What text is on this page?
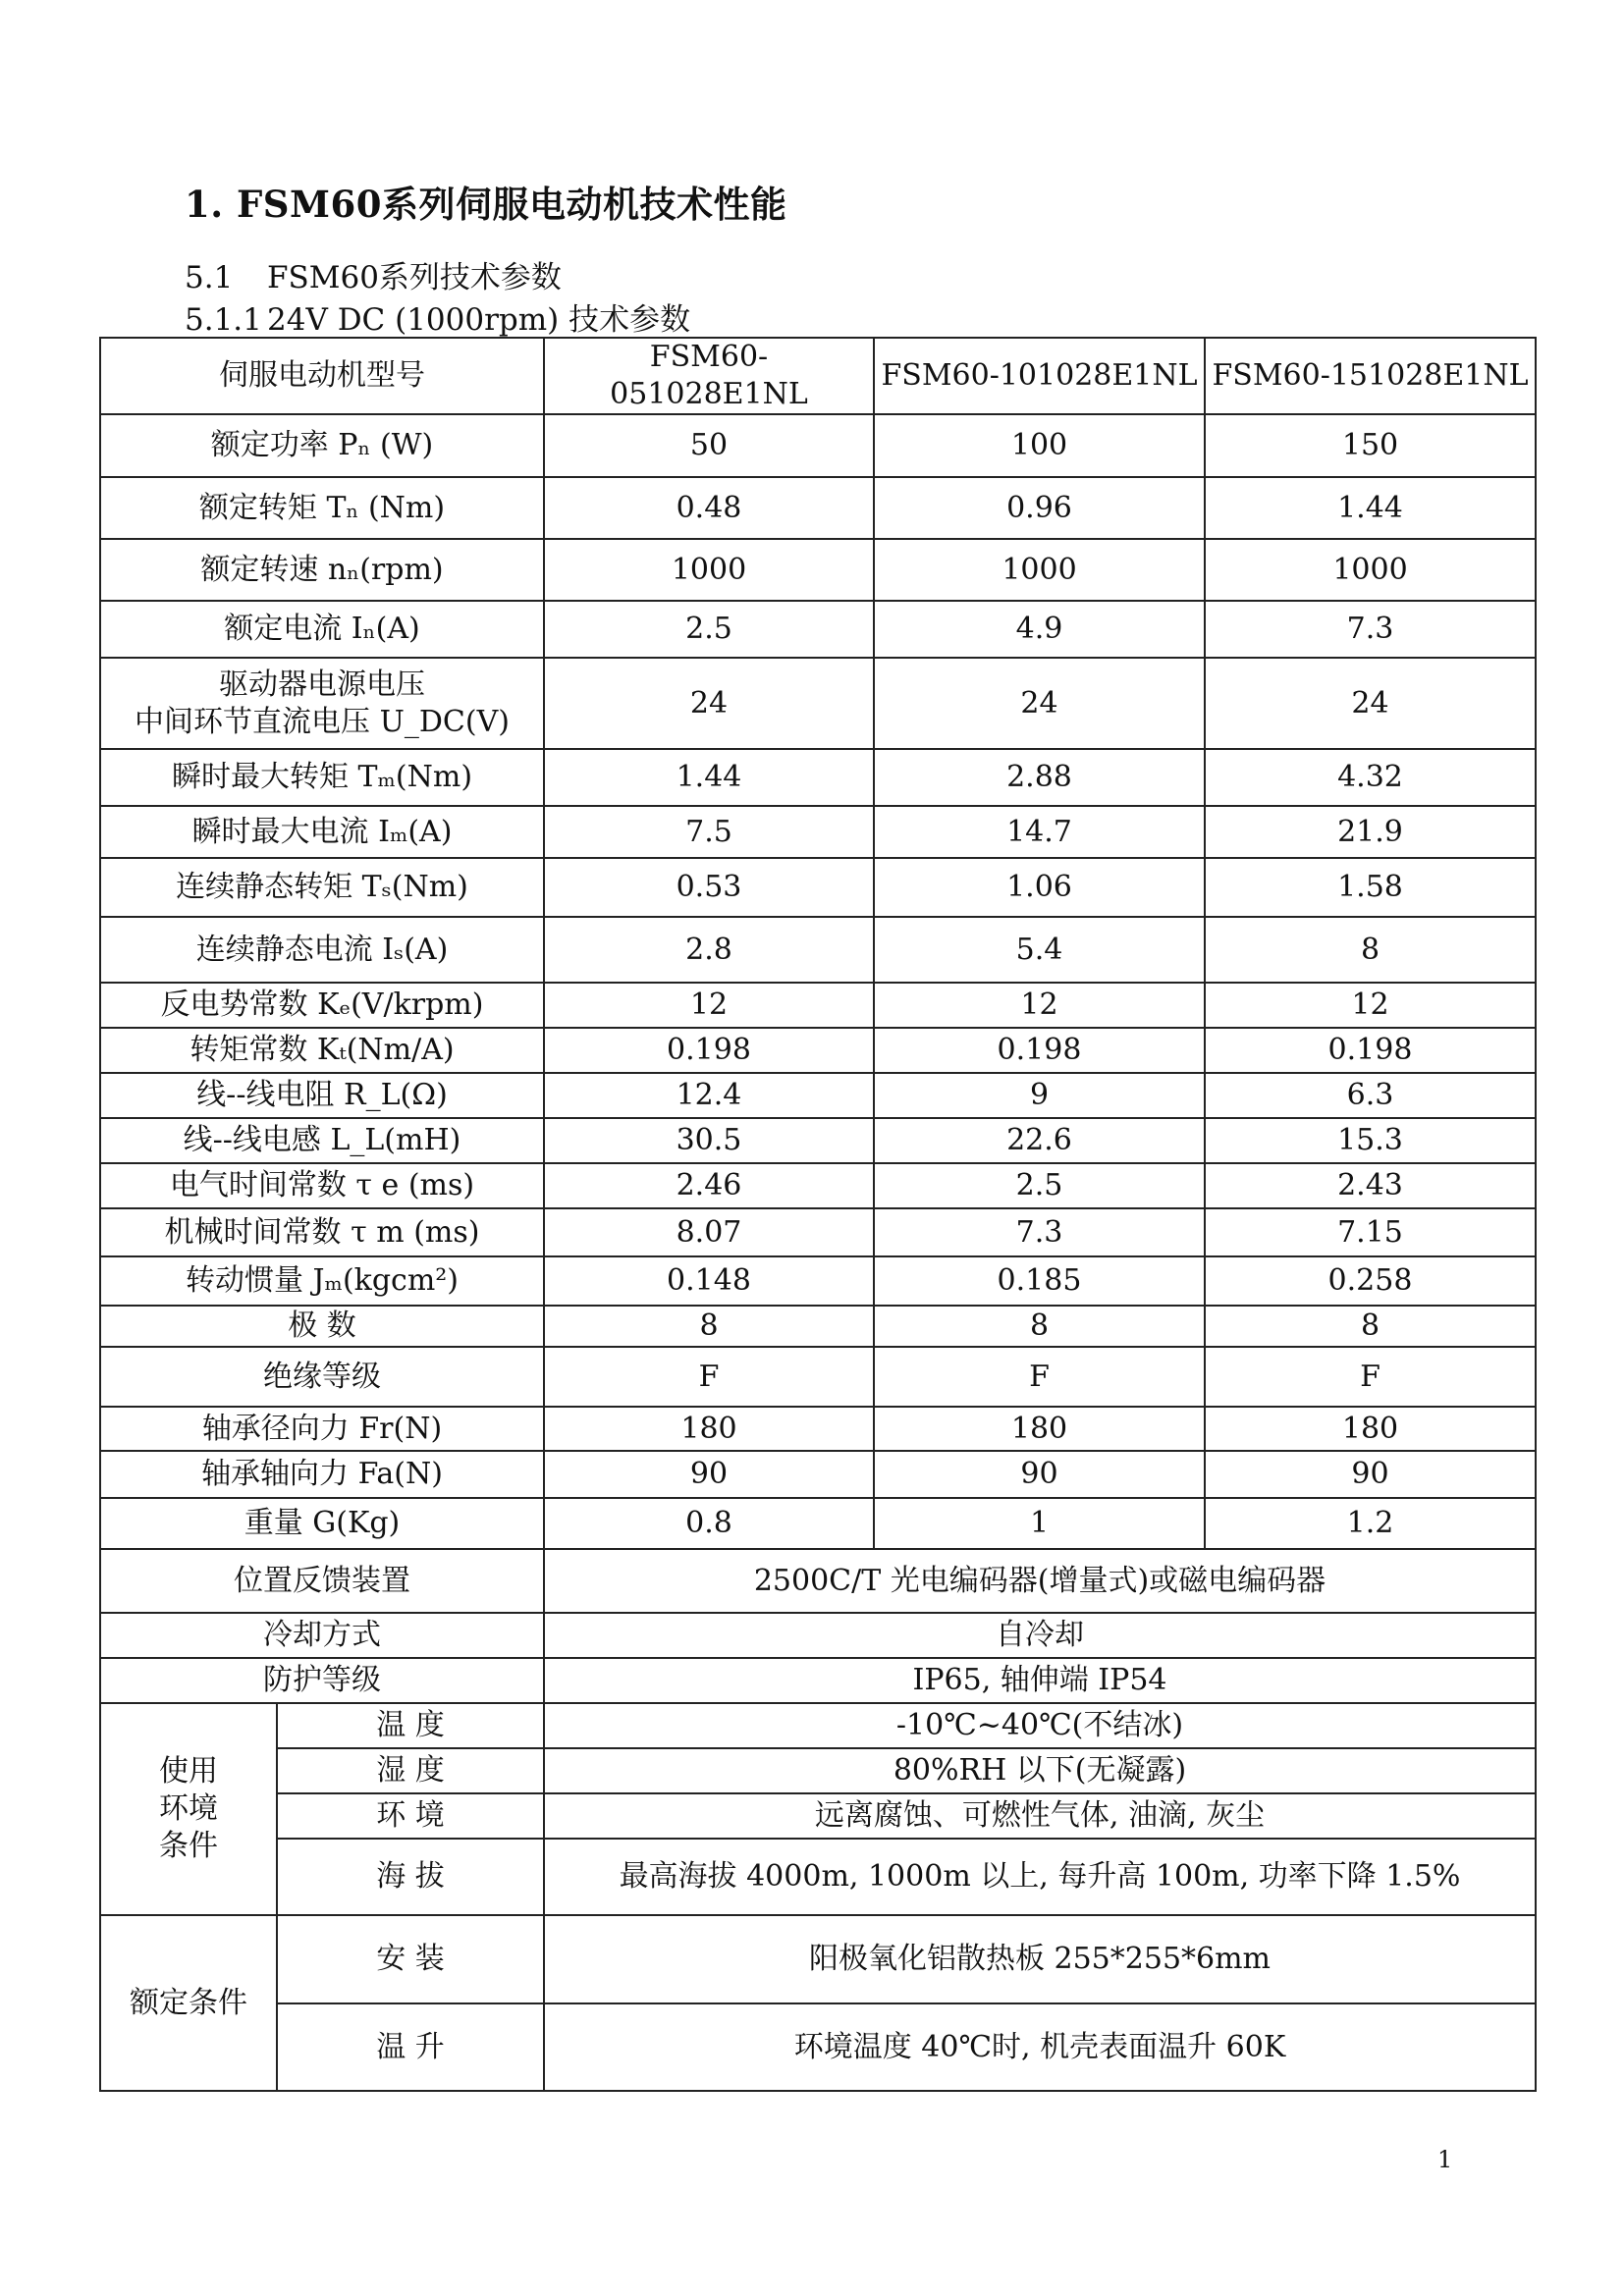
1. FSM60系列伺服电动机技术性能
5.1 FSM60系列技术参数
5.1.1 24V DC (1000rpm) 技术参数
伺服电动机型号		FSM60-051028E1NL	FSM60-101028E1NL	FSM60-151028E1NL
额定功率 Pₙ (W)		50	100	150
额定转矩 Tₙ (Nm)		0.48	0.96	1.44
额定转速 nₙ(rpm)		1000	1000	1000
额定电流 Iₙ(A)		2.5	4.9	7.3

驱动器电源电压
中间环节直流电压 U_DC(V)		24	24	24
瞬时最大转矩 Tₘ(Nm)		1.44	2.88	4.32
瞬时最大电流 Iₘ(A)		7.5	14.7	21.9
连续静态转矩 Tₛ(Nm)		0.53	1.06	1.58
连续静态电流 Iₛ(A)		2.8	5.4	8
反电势常数 Kₑ(V/krpm)		12	12	12
转矩常数 Kₜ(Nm/A)		0.198	0.198	0.198
线--线电阻 R_L(Ω)		12.4	9	6.3
线--线电感 L_L(mH)		30.5	22.6	15.3
电气时间常数 τ e (ms)		2.46	2.5	2.43
机械时间常数 τ m (ms)		8.07	7.3	7.15
转动惯量 Jₘ(kgcm²)		0.148	0.185	0.258
极 数		8	8	8
绝缘等级		F	F	F
轴承径向力 Fr(N)		180	180	180
轴承轴向力 Fa(N)		90	90	90
重量 G(Kg)		0.8	1	1.2
位置反馈装置		2500C/T 光电编码器(增量式)或磁电编码器		
冷却方式		自冷却		
防护等级		IP65, 轴伸端 IP54		

使用
环境
条件	温 度	-10℃~40℃(不结冰)		
	湿 度	80%RH 以下(无凝露)		
	环 境	远离腐蚀、可燃性气体, 油滴, 灰尘		
	海 拔	最高海拔 4000m, 1000m 以上, 每升高 100m, 功率下降 1.5%		
额定条件	安 装	阳极氧化铝散热板 255*255*6mm		
	温 升	环境温度 40℃时, 机壳表面温升 60K		
1
